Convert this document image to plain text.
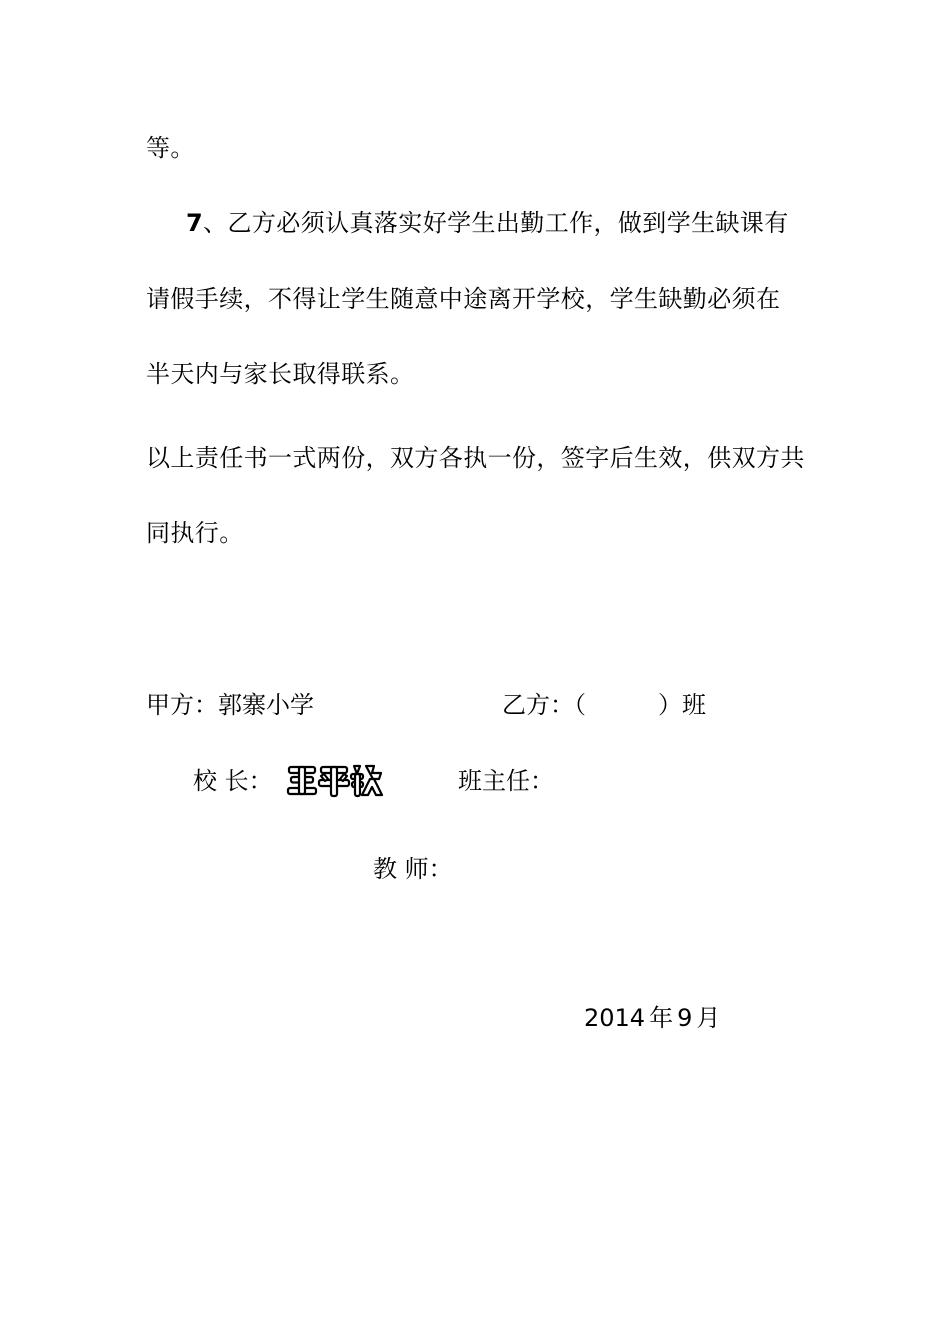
等。
7、乙方必须认真落实好学生出勤工作，做到学生缺课有
请假手续，不得让学生随意中途离开学校，学生缺勤必须在
半天内与家长取得联系。
以上责任书一式两份，双方各执一份，签字后生效，供双方共
同执行。
甲方：郭寨小学	乙方：（	）班
校 长：	班主任：
教 师：
2014 年 9 月
